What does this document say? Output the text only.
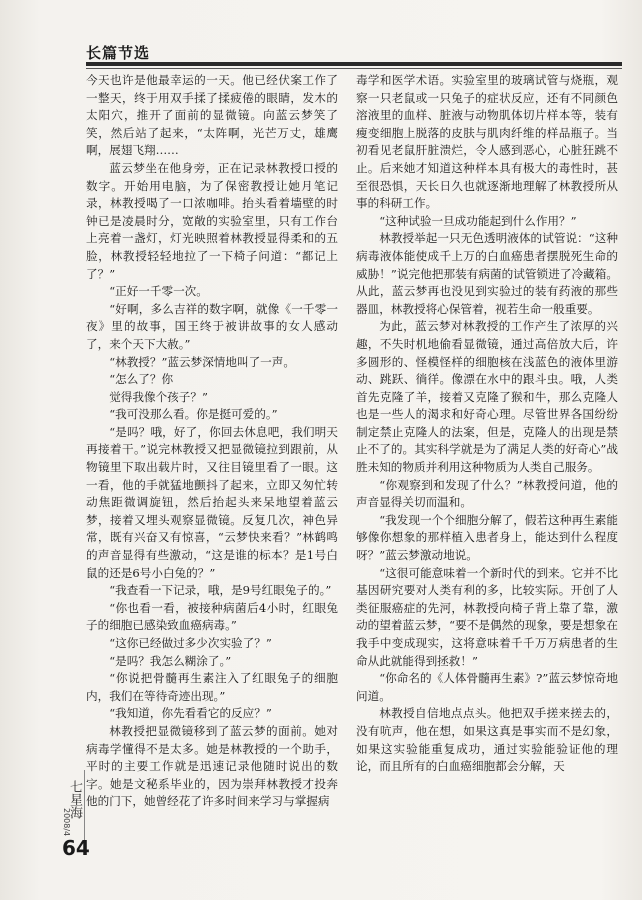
长篇节选

今天也许是他最幸运的一天。他已经伏案工作了一整天，终于用双手揉了揉疲倦的眼睛，发木的太阳穴，推开了面前的显微镜。向蓝云梦笑了笑，然后站了起来，“太阵啊，光芒万丈，雄鹰啊，展翅飞翔……

蓝云梦坐在他身旁，正在记录林教授口授的数字。开始用电脑，为了保密教授让她月笔记录，林教授喝了一口浓咖啡。抬头看着墙壁的时钟已是凌晨时分，宽敞的实验室里，只有工作台上亮着一盏灯，灯光映照着林教授显得柔和的五脸，林教授轻轻地拉了一下椅子问道：“都记上了？”

“正好一千零一次。

“好啊，多么吉祥的数字啊，就像《一千零一夜》里的故事，国王终于被讲故事的女人感动了，来个天下大赦。”

“林教授？”蓝云梦深情地叫了一声。

“怎么了？你

觉得我像个孩子？”

“我可没那么看。你是挺可爱的。”

“是吗？哦，好了，你回去休息吧，我们明天再接着干。”说完林教授又把显微镜拉到跟前，从物镜里下取出载片时，又往目镜里看了一眼。这一看，他的手就猛地颤抖了起来，立即又匆忙转动焦距微调旋钮，然后抬起头来呆地望着蓝云梦，接着又埋头观察显微镜。反复几次，神色异常，既有兴奋又有惊喜，“云梦快来看？”林鹤鸣的声音显得有些激动，“这是谁的标本？是1号白鼠的还是6号小白兔的？”

“我查看一下记录，哦，是9号红眼兔子的。”

“你也看一看，被接种病菌后4小时，红眼兔子的细胞已感染致血癌病毒。”

“这你已经做过多少次实验了？”

“是吗？我怎么糊涂了。”

“你说把骨髓再生素注入了红眼兔子的细胞内，我们在等待奇迹出现。”

“我知道，你先看看它的反应？”

林教授把显微镜移到了蓝云梦的面前。她对病毒学懂得不是太多。她是林教授的一个助手，平时的主要工作就是迅速记录他随时说出的数字。她是文秘系毕业的，因为崇拜林教授才投奔他的门下，她曾经花了许多时间来学习与掌握病

毒学和医学术语。实验室里的玻璃试管与烧瓶，观察一只老鼠或一只兔子的症状反应，还有不同颜色溶液里的血样、脏液与动物肌体切片样本等，装有瘦变细胞上脱落的皮肤与肌肉纤维的样品瓶子。当初看见老鼠肝脏溃烂，令人感到恶心，心脏狂跳不止。后来她才知道这种样本具有极大的毒性时，甚至很恐惧，天长日久也就逐渐地理解了林教授所从事的科研工作。

“这种试验一旦成功能起到什么作用？”

林教授举起一只无色透明液体的试管说：“这种病毒液体能使成千上万的白血癌患者摆脱死生命的威胁！”说完他把那装有病菌的试管锁进了冷藏箱。从此，蓝云梦再也没见到实验过的装有药液的那些器皿，林教授将心保管着，视若生命一般重要。

为此，蓝云梦对林教授的工作产生了浓厚的兴趣，不失时机地偷看显微镜，通过高倍放大后，许多圆形的、怪模怪样的细胞核在浅蓝色的液体里游动、跳跃、徜徉。像漂在水中的跟斗虫。哦，人类首先克隆了羊，接着又克隆了猴和牛，那么克隆人也是一些人的渴求和好奇心理。尽管世界各国纷纷制定禁止克隆人的法案，但是，克隆人的出现是禁止不了的。其实科学就是为了满足人类的好奇心”战胜未知的物质并利用这种物质为人类自己服务。

“你观察到和发现了什么？”林教授问道，他的声音显得关切而温和。

“我发现一个个细胞分解了，假若这种再生素能够像你想象的那样植入患者身上，能达到什么程度呀？”蓝云梦激动地说。

“这很可能意味着一个新时代的到来。它并不比基因研究要对人类有利的多，比较实际。开创了人类征服癌症的先河，林教授向椅子背上靠了靠，激动的望着蓝云梦，“要不是偶然的现象，要是想象在我手中变成现实，这将意味着千千万万病患者的生命从此就能得到拯救！”

“你命名的《人体骨髓再生素》?”蓝云梦惊奇地问道。

林教授自信地点点头。他把双手搓来搓去的，没有吭声，他在想，如果这真是事实而不是幻象，如果这实验能重复成功，通过实验能验证他的理论，而且所有的白血癌细胞都会分解，天

七星海
2008/4
64
